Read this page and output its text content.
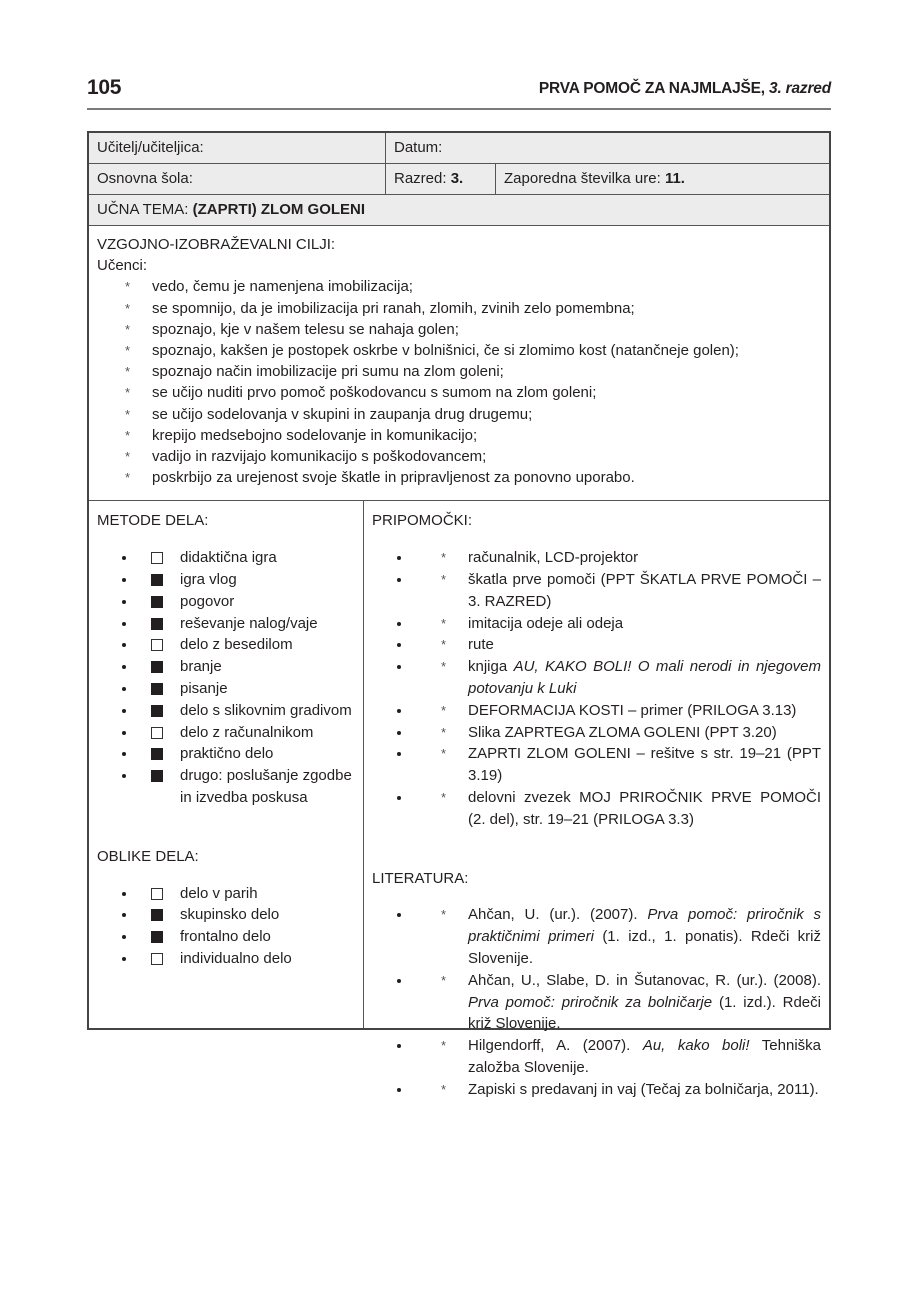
105	PRVA POMOČ ZA NAJMLAJŠE, 3. razred
Učitelj/učiteljica:	Datum:
Osnovna šola:	Razred: 3.	Zaporedna številka ure: 11.
UČNA TEMA: (ZAPRTI) ZLOM GOLENI
VZGOJNO-IZOBRAŽEVALNI CILJI:
Učenci:
* vedo, čemu je namenjena imobilizacija;
* se spomnijo, da je imobilizacija pri ranah, zlomih, zvinih zelo pomembna;
* spoznajo, kje v našem telesu se nahaja golen;
* spoznajo, kakšen je postopek oskrbe v bolnišnici, če si zlomimo kost (natančneje golen);
* spoznajo način imobilizacije pri sumu na zlom goleni;
* se učijo nuditi prvo pomoč poškodovancu s sumom na zlom goleni;
* se učijo sodelovanja v skupini in zaupanja drug drugemu;
* krepijo medsebojno sodelovanje in komunikacijo;
* vadijo in razvijajo komunikacijo s poškodovancem;
* poskrbijo za urejenost svoje škatle in pripravljenost za ponovno uporabo.
METODE DELA:
• didaktična igra
• igra vlog
• pogovor
• reševanje nalog/vaje
• delo z besedilom
• branje
• pisanje
• delo s slikovnim gradivom
• delo z računalnikom
• praktično delo
• drugo: poslušanje zgodbe in izvedba poskusa
OBLIKE DELA:
• delo v parih
• skupinsko delo
• frontalno delo
• individualno delo
PRIPOMOČKI:
• * računalnik, LCD-projektor
• * škatla prve pomoči (PPT ŠKATLA PRVE POMOČI – 3. RAZRED)
• * imitacija odeje ali odeja
• * rute
• * knjiga AU, KAKO BOLI! O mali nerodi in njegovem potovanju k Luki
• * DEFORMACIJA KOSTI – primer (PRILOGA 3.13)
• * Slika ZAPRTEGA ZLOMA GOLENI (PPT 3.20)
• * ZAPRTI ZLOM GOLENI – rešitve s str. 19–21 (PPT 3.19)
• * delovni zvezek MOJ PRIROČNIK PRVE POMOČI (2. del), str. 19–21 (PRILOGA 3.3)
LITERATURA:
• * Ahčan, U. (ur.). (2007). Prva pomoč: priročnik s praktičnimi primeri (1. izd., 1. ponatis). Rdeči križ Slovenije.
• * Ahčan, U., Slabe, D. in Šutanovac, R. (ur.). (2008). Prva pomoč: priročnik za bolničarje (1. izd.). Rdeči križ Slovenije.
• * Hilgendorff, A. (2007). Au, kako boli! Tehniška založba Slovenije.
• * Zapiski s predavanj in vaj (Tečaj za bolničarja, 2011).
